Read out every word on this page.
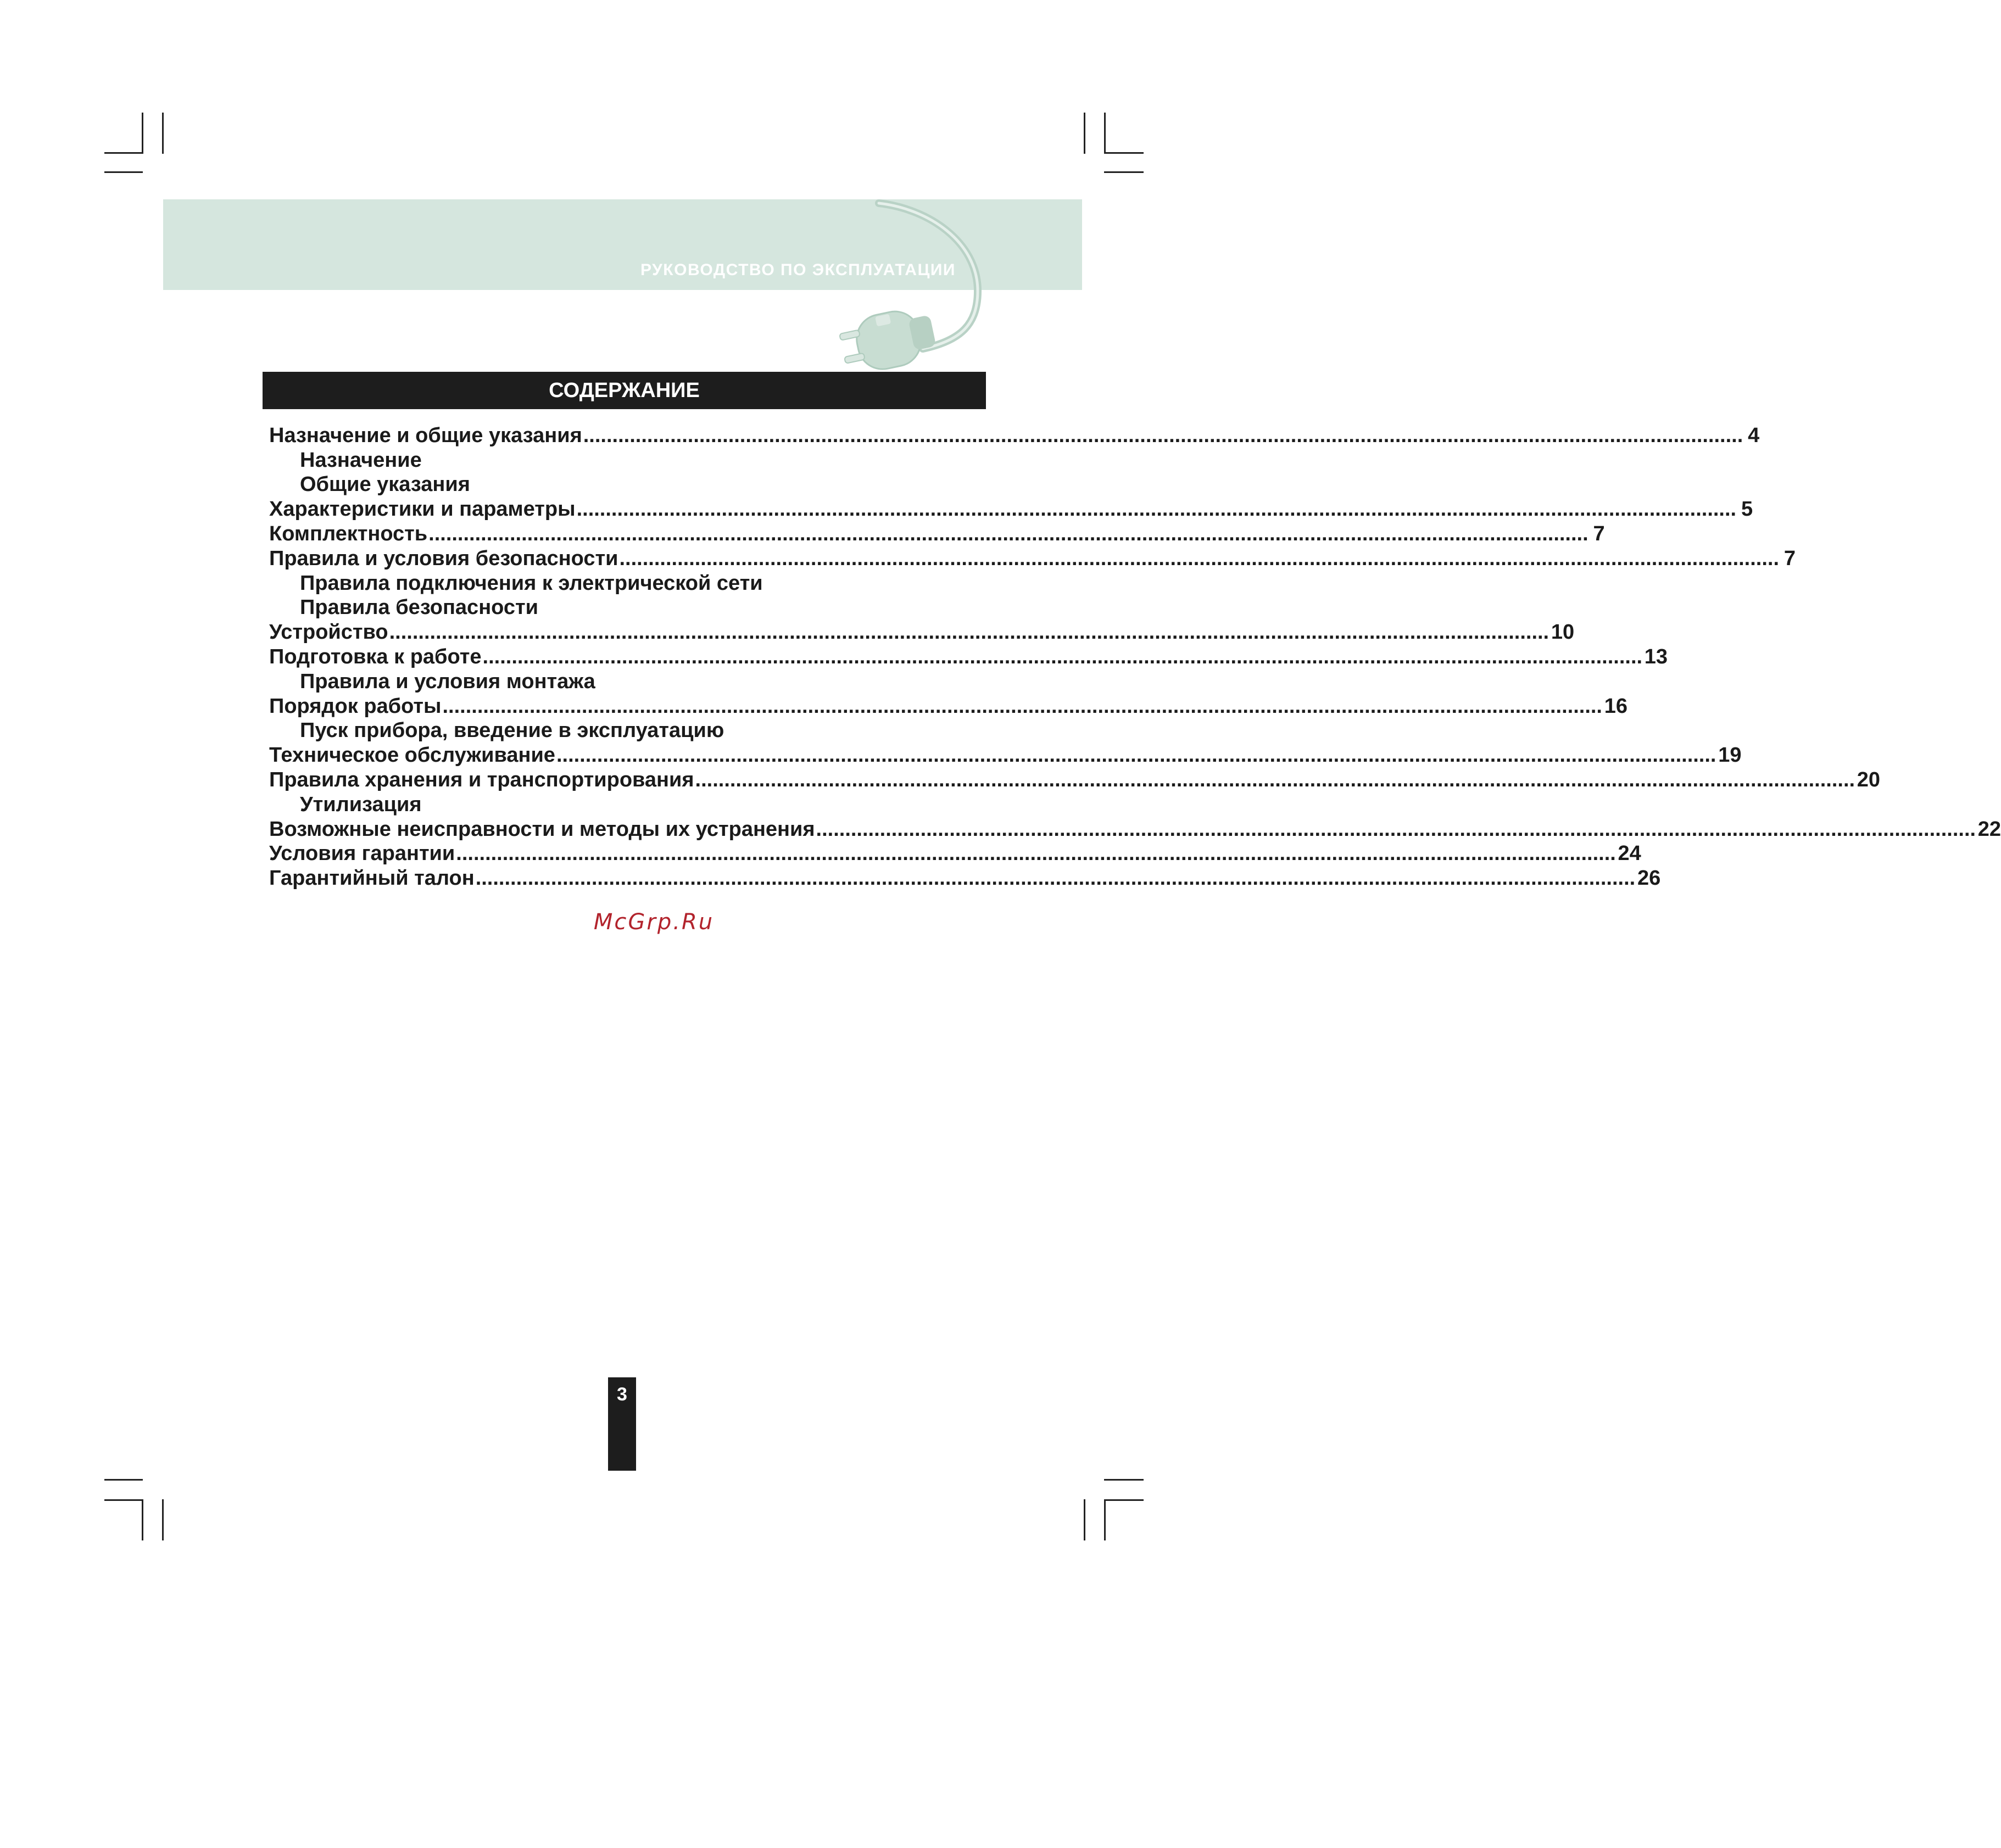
РУКОВОДСТВО ПО ЭКСПЛУАТАЦИИ
СОДЕРЖАНИЕ
Назначение и общие указания ........................................................................................................................................................................................................ 4
Назначение
Общие указания
Характеристики и параметры ........................................................................................................................................................................................................ 5
Комплектность ........................................................................................................................................................................................................ 7
Правила и условия безопасности ........................................................................................................................................................................................................ 7
Правила подключения к электрической сети
Правила безопасности
Устройство ........................................................................................................................................................................................................ 10
Подготовка к работе ........................................................................................................................................................................................................ 13
Правила и условия монтажа
Порядок работы ........................................................................................................................................................................................................ 16
Пуск прибора, введение в эксплуатацию
Техническое обслуживание ........................................................................................................................................................................................................ 19
Правила хранения и транспортирования ........................................................................................................................................................................................................ 20
Утилизация
Возможные неисправности и методы их устранения ........................................................................................................................................................................................................ 22
Условия гарантии ........................................................................................................................................................................................................ 24
Гарантийный талон ........................................................................................................................................................................................................ 26
McGrp.Ru
3
